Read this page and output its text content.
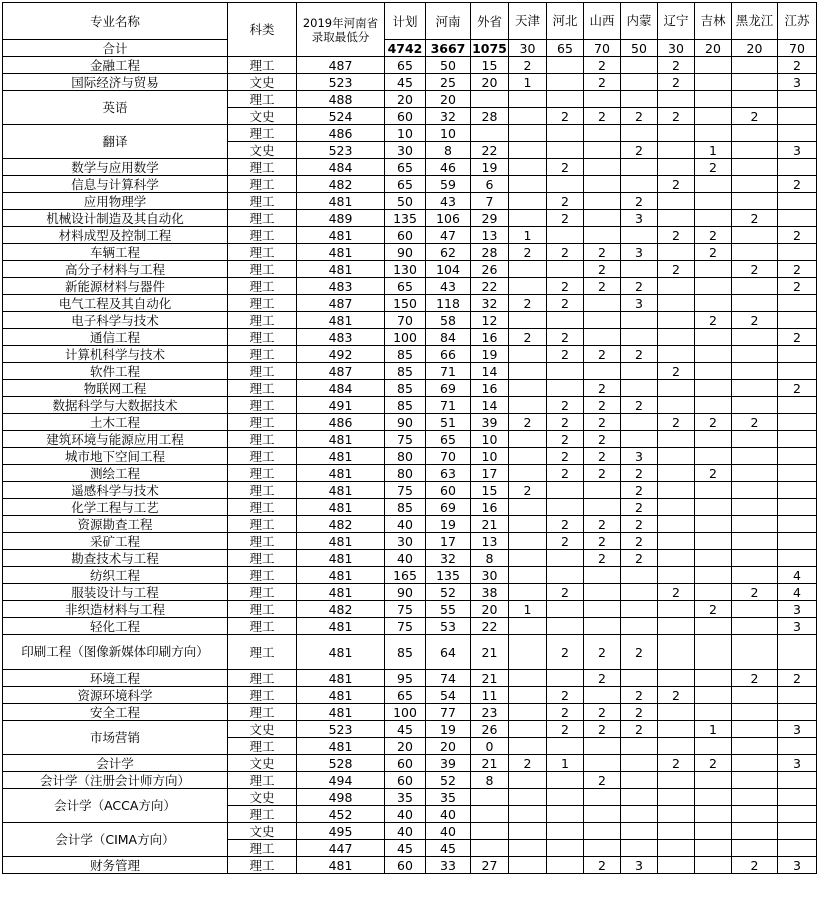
专业名称	科类	2019年河南省录取最低分	计划	河南	外省	天津	河北	山西	内蒙	辽宁	吉林	黑龙江	江苏
合计			4742	3667	1075	30	65	70	50	30	20	20	70
金融工程	理工	487	65	50	15	2		2		2			2
国际经济与贸易	文史	523	45	25	20	1		2		2			3
英语	理工	488	20	20									
	文史	524	60	32	28		2	2	2	2		2	
翻译	理工	486	10	10									
	文史	523	30	8	22				2		1		3
数学与应用数学	理工	484	65	46	19		2				2		
信息与计算科学	理工	482	65	59	6					2			2
应用物理学	理工	481	50	43	7		2		2				
机械设计制造及其自动化	理工	489	135	106	29		2		3			2	
材料成型及控制工程	理工	481	60	47	13	1				2	2		2
车辆工程	理工	481	90	62	28	2	2	2	3		2		
高分子材料与工程	理工	481	130	104	26			2		2		2	2
新能源材料与器件	理工	483	65	43	22		2	2	2				2
电气工程及其自动化	理工	487	150	118	32	2	2		3				
电子科学与技术	理工	481	70	58	12						2	2	
通信工程	理工	483	100	84	16	2	2						2
计算机科学与技术	理工	492	85	66	19		2	2	2				
软件工程	理工	487	85	71	14					2			
物联网工程	理工	484	85	69	16			2					2
数据科学与大数据技术	理工	491	85	71	14		2	2	2				
土木工程	理工	486	90	51	39	2	2	2		2	2	2	
建筑环境与能源应用工程	理工	481	75	65	10		2	2					
城市地下空间工程	理工	481	80	70	10		2	2	3				
测绘工程	理工	481	80	63	17		2	2	2		2		
遥感科学与技术	理工	481	75	60	15	2			2				
化学工程与工艺	理工	481	85	69	16				2				
资源勘查工程	理工	482	40	19	21		2	2	2				
采矿工程	理工	481	30	17	13		2	2	2				
勘查技术与工程	理工	481	40	32	8			2	2				
纺织工程	理工	481	165	135	30								4
服装设计与工程	理工	481	90	52	38		2			2		2	4
非织造材料与工程	理工	482	75	55	20	1					2		3
轻化工程	理工	481	75	53	22								3
印刷工程（图像新媒体印刷方向）	理工	481	85	64	21		2	2	2				
环境工程	理工	481	95	74	21			2				2	2
资源环境科学	理工	481	65	54	11		2		2	2			
安全工程	理工	481	100	77	23		2	2	2				
市场营销	文史	523	45	19	26		2	2	2		1		3
	理工	481	20	20	0								
会计学	文史	528	60	39	21	2	1			2	2		3
会计学（注册会计师方向）	理工	494	60	52	8			2					
会计学（ACCA方向）	文史	498	35	35									
	理工	452	40	40									
会计学（CIMA方向）	文史	495	40	40									
	理工	447	45	45									
财务管理	理工	481	60	33	27			2	3			2	3
